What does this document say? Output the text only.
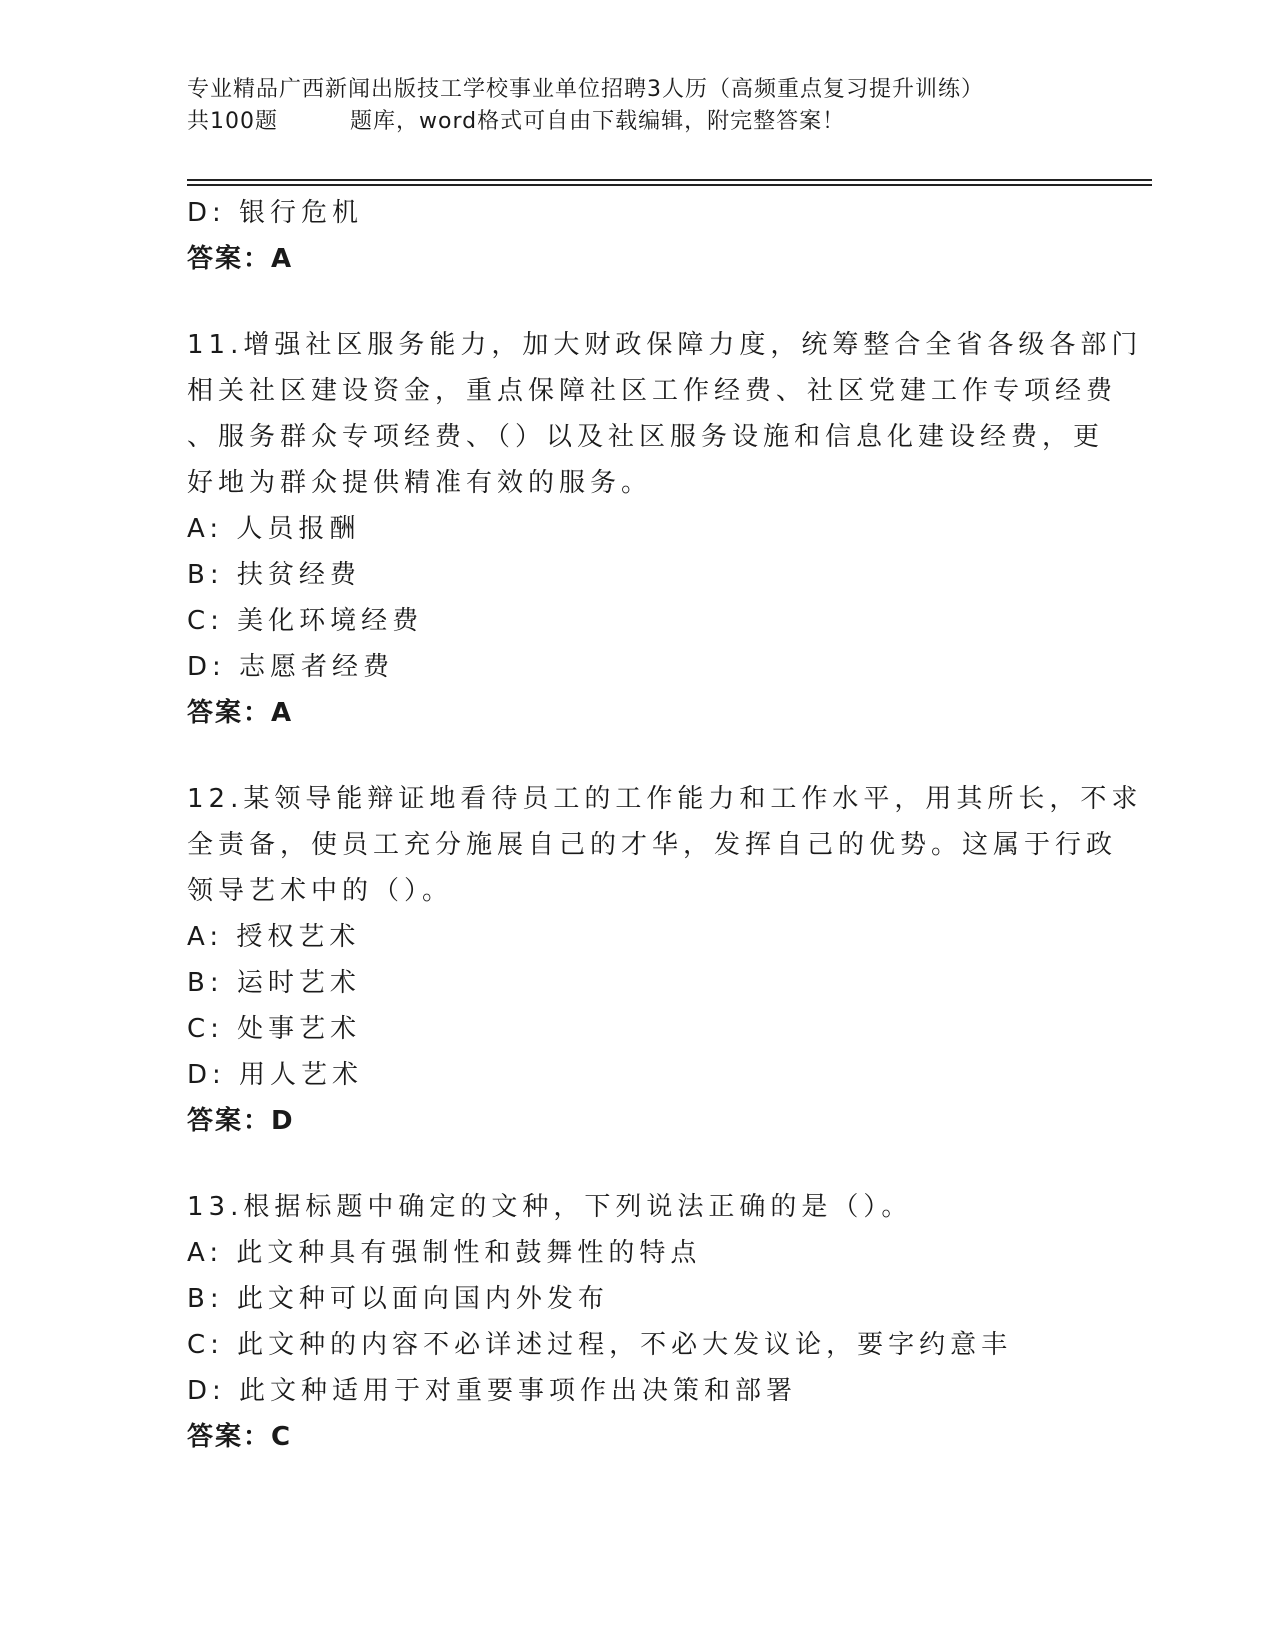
专业精品广西新闻出版技工学校事业单位招聘3人历（高频重点复习提升训练）
共100题	题库，word格式可自由下载编辑，附完整答案！
D: 银行危机
答案：A
11.增强社区服务能力，加大财政保障力度，统筹整合全省各级各部门
相关社区建设资金，重点保障社区工作经费、社区党建工作专项经费
、服务群众专项经费、（）以及社区服务设施和信息化建设经费，更
好地为群众提供精准有效的服务。
A: 人员报酬
B: 扶贫经费
C: 美化环境经费
D: 志愿者经费
答案：A
12.某领导能辩证地看待员工的工作能力和工作水平，用其所长，不求
全责备，使员工充分施展自己的才华，发挥自己的优势。这属于行政
领导艺术中的（）。
A: 授权艺术
B: 运时艺术
C: 处事艺术
D: 用人艺术
答案：D
13.根据标题中确定的文种，下列说法正确的是（）。
A: 此文种具有强制性和鼓舞性的特点
B: 此文种可以面向国内外发布
C: 此文种的内容不必详述过程，不必大发议论，要字约意丰
D: 此文种适用于对重要事项作出决策和部署
答案：C
